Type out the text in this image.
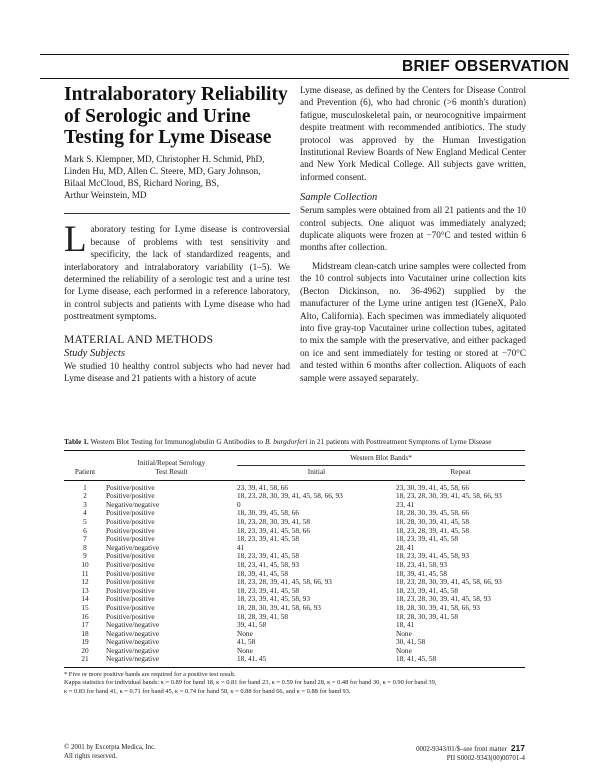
BRIEF OBSERVATION
Intralaboratory Reliability
of Serologic and Urine
Testing for Lyme Disease

Mark S. Klempner, MD, Christopher H. Schmid, PhD,
Linden Hu, MD, Allen C. Steere, MD, Gary Johnson,
Bilaal McCloud, BS, Richard Noring, BS,
Arthur Weinstein, MD

Laboratory testing for Lyme disease is controversial because of problems with test sensitivity and specificity, the lack of standardized reagents, and interlaboratory and intralaboratory variability (1–5). We determined the reliability of a serologic test and a urine test for Lyme disease, each performed in a reference laboratory, in control subjects and patients with Lyme disease who had posttreatment symptoms.

MATERIAL AND METHODS
Study Subjects

We studied 10 healthy control subjects who had never had Lyme disease and 21 patients with a history of acute

Lyme disease, as defined by the Centers for Disease Control and Prevention (6), who had chronic (>6 month's duration) fatigue, musculoskeletal pain, or neurocognitive impairment despite treatment with recommended antibiotics. The study protocol was approved by the Human Investigation Institutional Review Boards of New England Medical Center and New York Medical College. All subjects gave written, informed consent.

Sample Collection

Serum samples were obtained from all 21 patients and the 10 control subjects. One aliquot was immediately analyzed; duplicate aliquots were frozen at −70°C and tested within 6 months after collection.

Midstream clean-catch urine samples were collected from the 10 control subjects into Vacutainer urine collection kits (Becton Dickinson, no. 36-4962) supplied by the manufacturer of the Lyme urine antigen test (IGeneX, Palo Alto, California). Each specimen was immediately aliquoted into five gray-top Vacutainer urine collection tubes, agitated to mix the sample with the preservative, and either packaged on ice and sent immediately for testing or stored at −70°C and tested within 6 months after collection. Aliquots of each sample were assayed separately.

Table 1. Western Blot Testing for Immunoglobulin G Antibodies to B. burgdorferi in 21 patients with Posttreatment Symptoms of Lyme Disease

Patient	Initial/Repeat Serology
Test Result	Western Blot Bands*	
		Initial	Repeat
1	Positive/positive	23, 39, 41, 58, 66	23, 30, 39, 41, 45, 58, 66
2	Positive/positive	18, 23, 28, 30, 39, 41, 45, 58, 66, 93	18, 23, 28, 30, 39, 41, 45, 58, 66, 93
3	Negative/negative	0	23, 41
4	Positive/positive	18, 30, 39, 45, 58, 66	18, 28, 30, 39, 45, 58, 66
5	Positive/positive	18, 23, 28, 30, 39, 41, 58	18, 28, 30, 39, 41, 45, 58
6	Positive/positive	18, 23, 39, 41, 45, 58, 66	18, 23, 28, 39, 41, 45, 58
7	Positive/positive	18, 23, 39, 41, 45, 58	18, 23, 39, 41, 45, 58
8	Negative/negative	41	28, 41
9	Positive/positive	18, 23, 39, 41, 45, 58	18, 23, 39, 41, 45, 58, 93
10	Positive/positive	18, 23, 41, 45, 58, 93	18, 23, 41, 58, 93
11	Positive/positive	18, 39, 41, 45, 58	18, 39, 41, 45, 58
12	Positive/positive	18, 23, 28, 39, 41, 45, 58, 66, 93	18, 23, 28, 30, 39, 41, 45, 58, 66, 93
13	Positive/positive	18, 23, 39, 41, 45, 58	18, 23, 39, 41, 45, 58
14	Positive/positive	18, 23, 39, 41, 45, 58, 93	18, 23, 28, 30, 39, 41, 45, 58, 93
15	Positive/positive	18, 28, 30, 39, 41, 58, 66, 93	18, 28, 30, 39, 41, 58, 66, 93
16	Positive/positive	18, 28, 39, 41, 58	18, 28, 30, 39, 41, 58
17	Negative/negative	39, 41, 58	18, 41
18	Negative/negative	None	None
19	Negative/negative	41, 58	30, 41, 58
20	Negative/negative	None	None
21	Negative/negative	18, 41, 45	18, 41, 45, 58

* Five or more positive bands are required for a positive test result.

Kappa statistics for individual bands: κ = 0.89 for band 18, κ = 0.81 for band 23, κ = 0.59 for band 28, κ = 0.48 for band 30, κ = 0.90 for band 39,

κ = 0.83 for band 41, κ = 0.71 for band 45, κ = 0.74 for band 58, κ = 0.88 for band 66, and κ = 0.88 for band 93.

© 2001 by Excerpta Medica, Inc.
All rights reserved.
0002-9343/01/$–see front matter 217
PII S0002-9343(00)00701-4
